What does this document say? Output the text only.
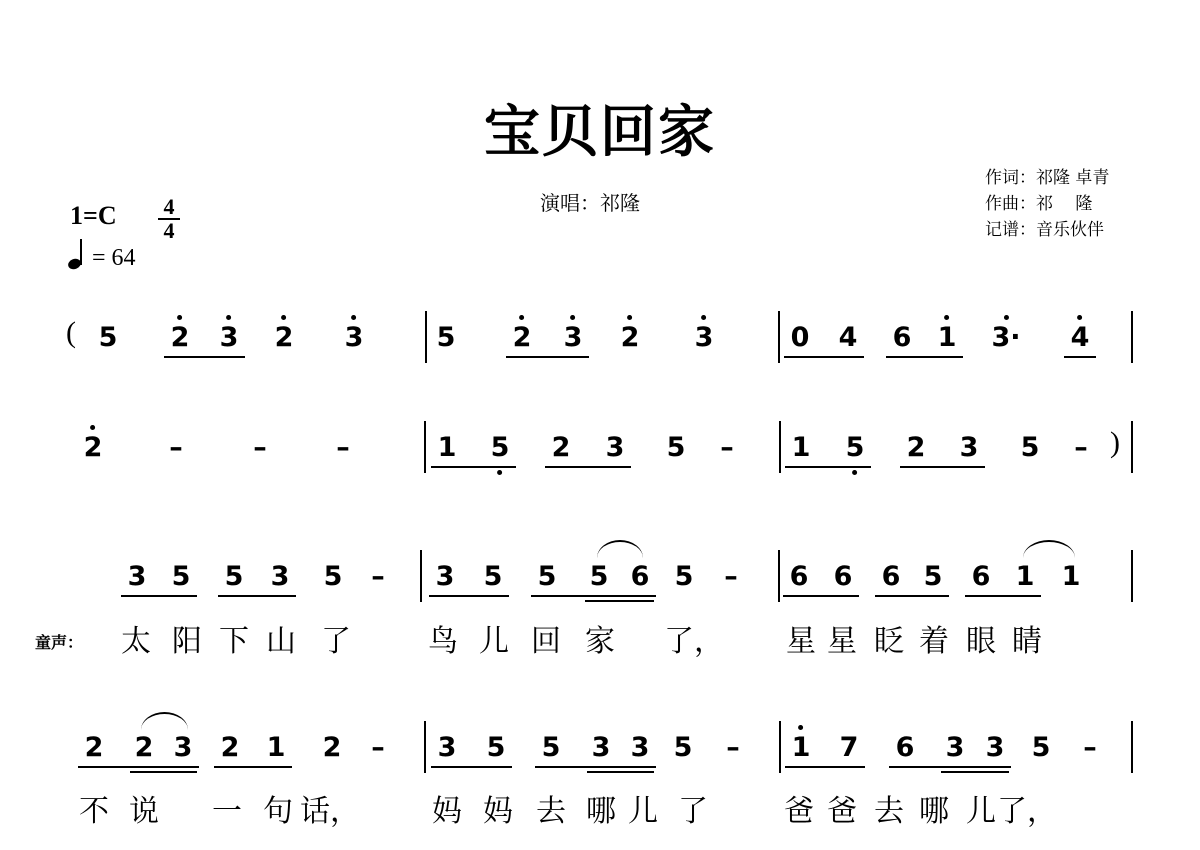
宝贝回家
演唱：祁隆
作词：祁隆 卓青
作曲：祁　 隆
记谱：音乐伙伴
1=C 4
4
= 64
童声：
5 2 3 2 3	5 2 3 2 3	0 4 6 1 3· 4
2 –	–	–	1 5 2 3 5 – 1 5 2 3 5 –
3 5 5 3 5 – 3 5 5 5 6 5 – 6 6 6 5 6 1 1
太 阳 下 山 了	鸟 儿 回 家 了， 星 星 眨 着 眼 睛
2 2 3 2 1 2 – 3 5 5 3 3 5 – 1 7 6 3 3 5 –
不 说 一 句 话， 妈 妈 去 哪 儿 了	爸 爸 去 哪 儿 了，
(
)
